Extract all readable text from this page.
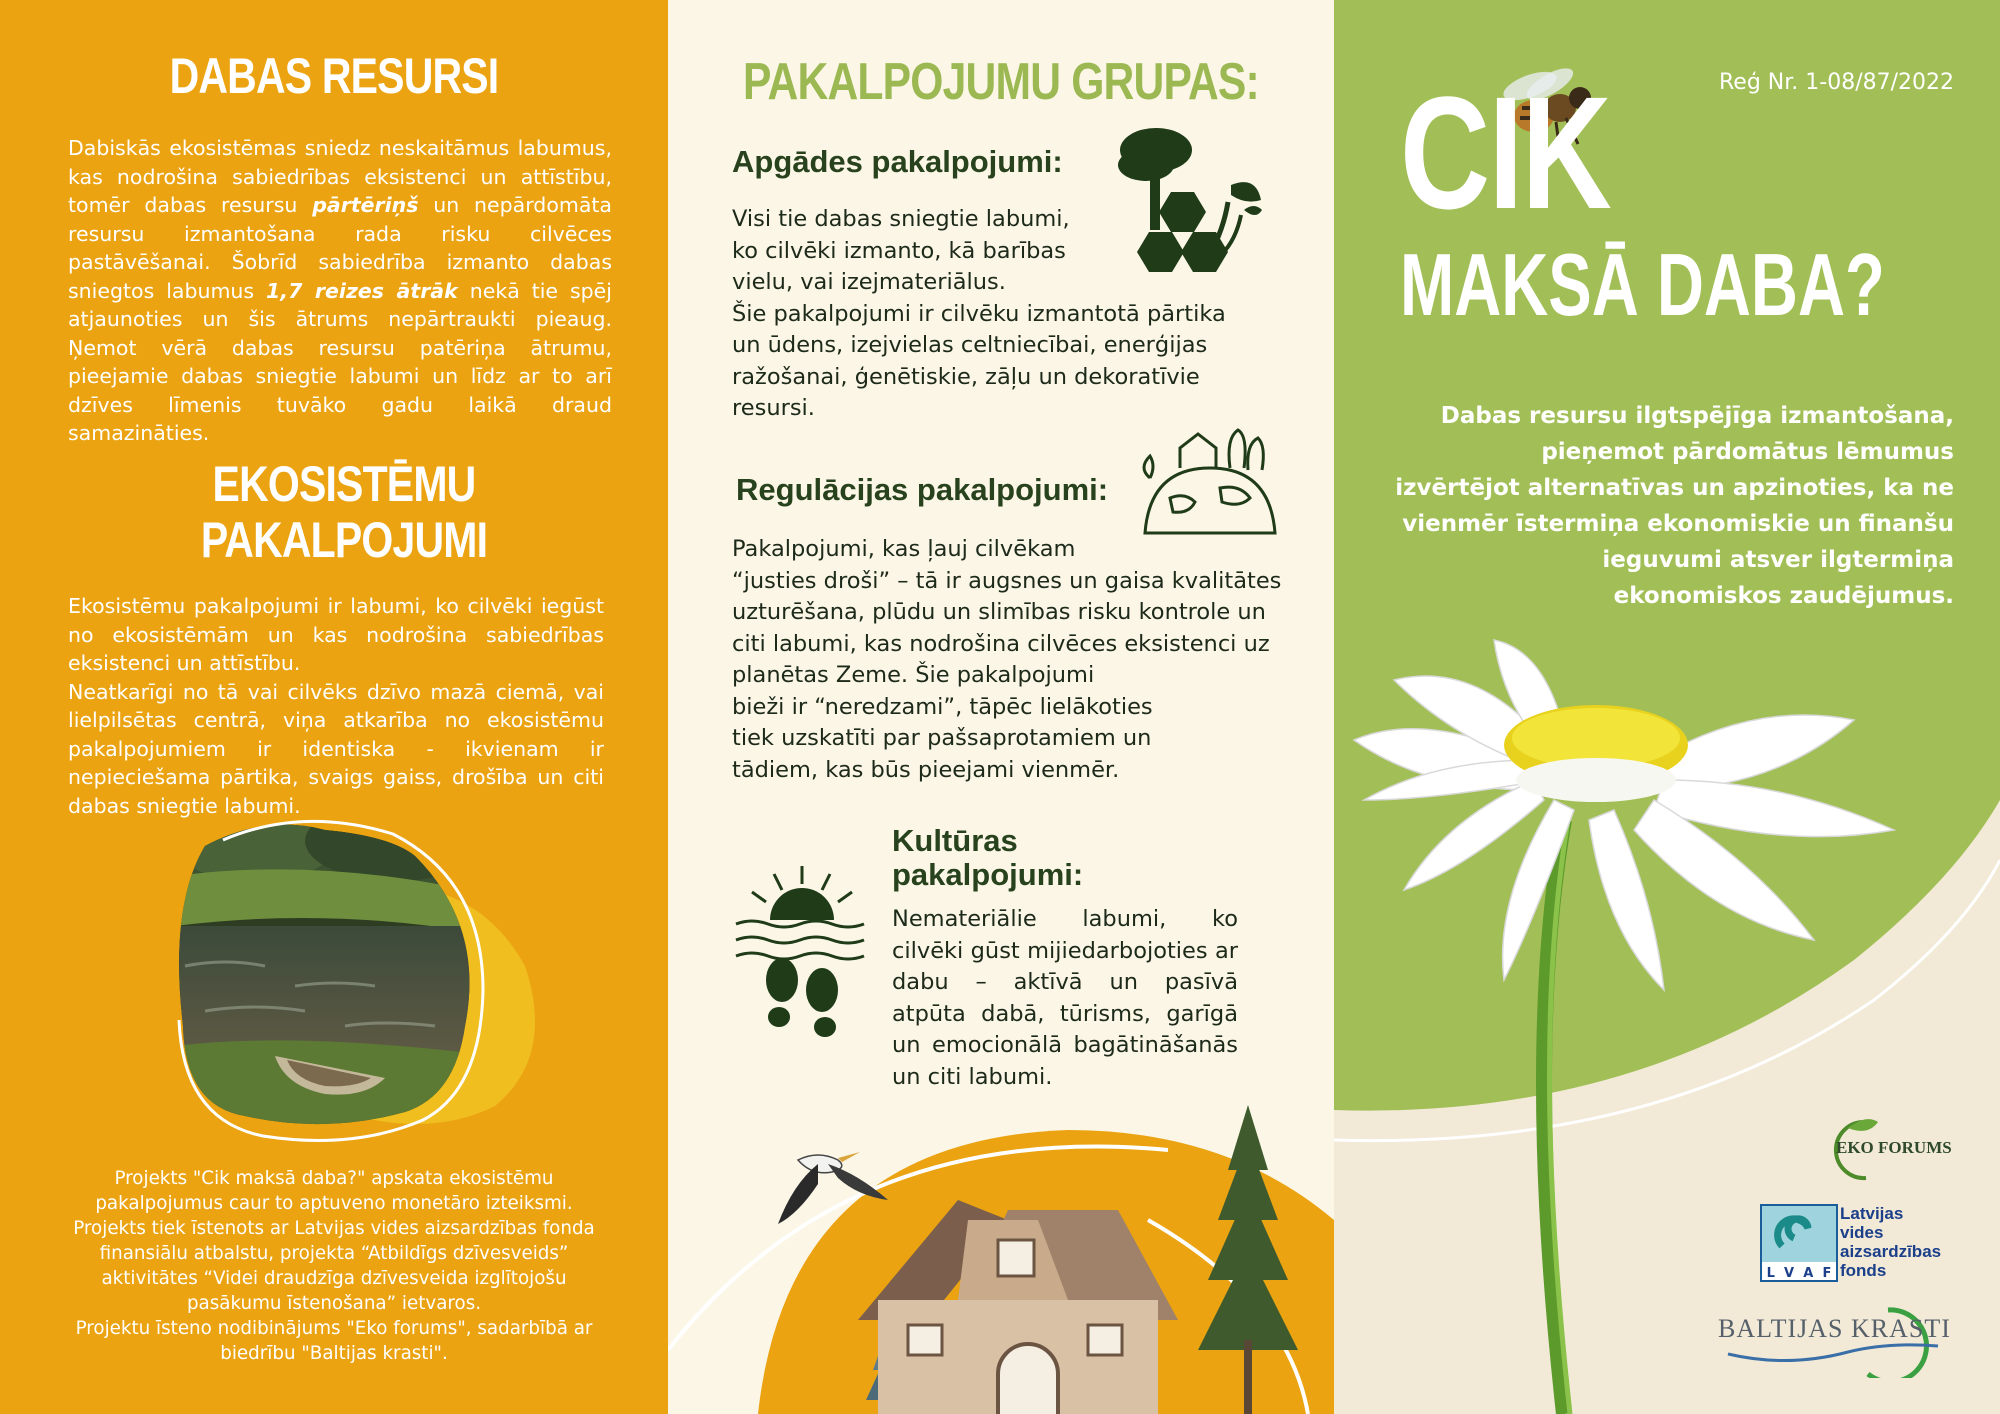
DABAS RESURSI

Dabiskās ekosistēmas sniedz neskaitāmus labumus, kas nodrošina sabiedrības eksistenci un attīstību, tomēr dabas resursu pārtēriņš un nepārdomāta resursu izmantošana rada risku cilvēces pastāvēšanai. Šobrīd sabiedrība izmanto dabas sniegtos labumus 1,7 reizes ātrāk nekā tie spēj atjaunoties un šis ātrums nepārtraukti pieaug. Ņemot vērā dabas resursu patēriņa ātrumu, pieejamie dabas sniegtie labumi un līdz ar to arī dzīves līmenis tuvāko gadu laikā draud samazināties.

EKOSISTĒMU
PAKALPOJUMI

Ekosistēmu pakalpojumi ir labumi, ko cilvēki iegūst no ekosistēmām un kas nodrošina sabiedrības eksistenci un attīstību.

Neatkarīgi no tā vai cilvēks dzīvo mazā ciemā, vai lielpilsētas centrā, viņa atkarība no ekosistēmu pakalpojumiem ir identiska - ikvienam ir nepieciešama pārtika, svaigs gaiss, drošība un citi dabas sniegtie labumi.

Projekts "Cik maksā daba?" apskata ekosistēmu
pakalpojumus caur to aptuveno monetāro izteiksmi.
Projekts tiek īstenots ar Latvijas vides aizsardzības fonda
finansiālu atbalstu, projekta “Atbildīgs dzīvesveids”
aktivitātes “Videi draudzīga dzīvesveida izglītojošu
pasākumu īstenošana” ietvaros.
Projektu īsteno nodibinājums "Eko forums", sadarbībā ar
biedrību "Baltijas krasti".
PAKALPOJUMU GRUPAS:
Apgādes pakalpojumi:

Visi tie dabas sniegtie labumi,

ko cilvēki izmanto, kā barības

vielu, vai izejmateriālus.

Šie pakalpojumi ir cilvēku izmantotā pārtika

un ūdens, izejvielas celtniecībai, enerģijas

ražošanai, ģenētiskie, zāļu un dekoratīvie

resursi.

Regulācijas pakalpojumi:

Pakalpojumi, kas ļauj cilvēkam

“justies droši” – tā ir augsnes un gaisa kvalitātes

uzturēšana, plūdu un slimības risku kontrole un

citi labumi, kas nodrošina cilvēces eksistenci uz

planētas Zeme. Šie pakalpojumi

bieži ir “neredzami”, tāpēc lielākoties

tiek uzskatīti par pašsaprotamiem un

tādiem, kas būs pieejami vienmēr.

Kultūras
pakalpojumi:
Nemateriālie labumi, ko cilvēki gūst mijiedarbojoties ar dabu – aktīvā un pasīvā atpūta dabā, tūrisms, garīgā un emocionālā bagātināšanās un citi labumi.
Reģ Nr. 1-08/87/2022
CIK
MAKSĀ DABA?
Dabas resursu ilgtspējīga izmantošana,
pieņemot pārdomātus lēmumus
izvērtējot alternatīvas un apzinoties, ka ne
vienmēr īstermiņa ekonomiskie un finanšu
ieguvumi atsver ilgtermiņa
ekonomiskos zaudējumus.
EKO FORUMS
L V A F
Latvijas
vides
aizsardzības
fonds
BALTIJAS KRASTI
